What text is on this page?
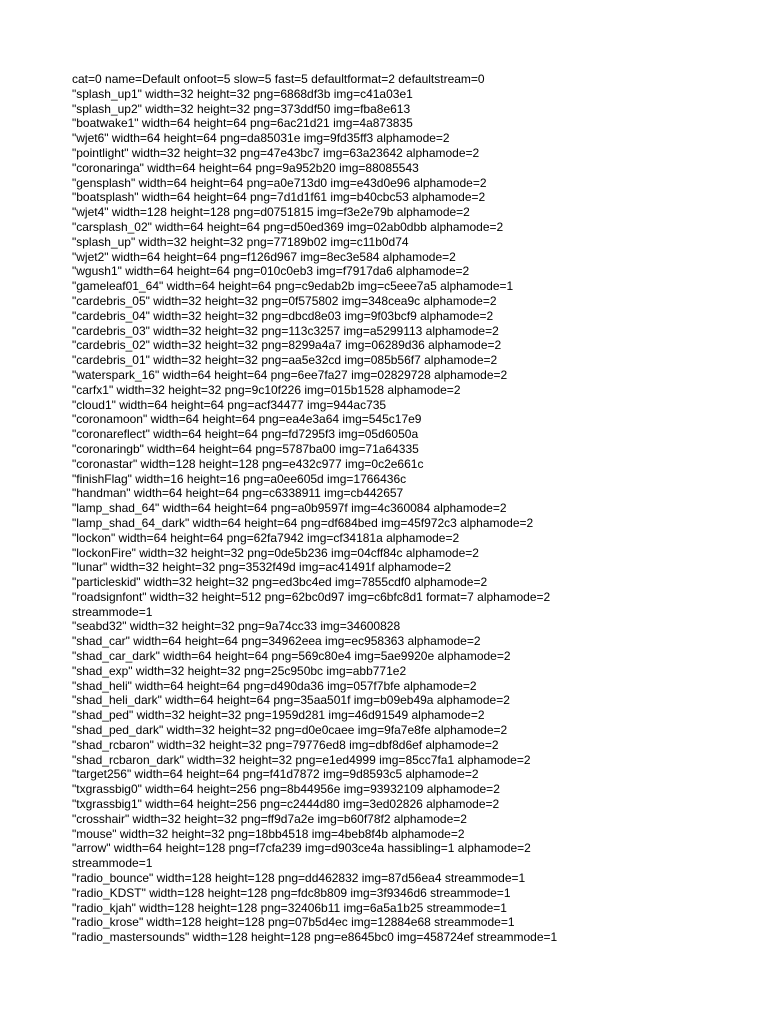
cat=0 name=Default onfoot=5 slow=5 fast=5 defaultformat=2 defaultstream=0
"splash_up1" width=32 height=32 png=6868df3b img=c41a03e1
"splash_up2" width=32 height=32 png=373ddf50 img=fba8e613
"boatwake1" width=64 height=64 png=6ac21d21 img=4a873835
"wjet6" width=64 height=64 png=da85031e img=9fd35ff3 alphamode=2
"pointlight" width=32 height=32 png=47e43bc7 img=63a23642 alphamode=2
"coronaringa" width=64 height=64 png=9a952b20 img=88085543
"gensplash" width=64 height=64 png=a0e713d0 img=e43d0e96 alphamode=2
"boatsplash" width=64 height=64 png=7d1d1f61 img=b40cbc53 alphamode=2
"wjet4" width=128 height=128 png=d0751815 img=f3e2e79b alphamode=2
"carsplash_02" width=64 height=64 png=d50ed369 img=02ab0dbb alphamode=2
"splash_up" width=32 height=32 png=77189b02 img=c11b0d74
"wjet2" width=64 height=64 png=f126d967 img=8ec3e584 alphamode=2
"wgush1" width=64 height=64 png=010c0eb3 img=f7917da6 alphamode=2
"gameleaf01_64" width=64 height=64 png=c9edab2b img=c5eee7a5 alphamode=1
"cardebris_05" width=32 height=32 png=0f575802 img=348cea9c alphamode=2
"cardebris_04" width=32 height=32 png=dbcd8e03 img=9f03bcf9 alphamode=2
"cardebris_03" width=32 height=32 png=113c3257 img=a5299113 alphamode=2
"cardebris_02" width=32 height=32 png=8299a4a7 img=06289d36 alphamode=2
"cardebris_01" width=32 height=32 png=aa5e32cd img=085b56f7 alphamode=2
"waterspark_16" width=64 height=64 png=6ee7fa27 img=02829728 alphamode=2
"carfx1" width=32 height=32 png=9c10f226 img=015b1528 alphamode=2
"cloud1" width=64 height=64 png=acf34477 img=944ac735
"coronamoon" width=64 height=64 png=ea4e3a64 img=545c17e9
"coronareflect" width=64 height=64 png=fd7295f3 img=05d6050a
"coronaringb" width=64 height=64 png=5787ba00 img=71a64335
"coronastar" width=128 height=128 png=e432c977 img=0c2e661c
"finishFlag" width=16 height=16 png=a0ee605d img=1766436c
"handman" width=64 height=64 png=c6338911 img=cb442657
"lamp_shad_64" width=64 height=64 png=a0b9597f img=4c360084 alphamode=2
"lamp_shad_64_dark" width=64 height=64 png=df684bed img=45f972c3 alphamode=2
"lockon" width=64 height=64 png=62fa7942 img=cf34181a alphamode=2
"lockonFire" width=32 height=32 png=0de5b236 img=04cff84c alphamode=2
"lunar" width=32 height=32 png=3532f49d img=ac41491f alphamode=2
"particleskid" width=32 height=32 png=ed3bc4ed img=7855cdf0 alphamode=2
"roadsignfont" width=32 height=512 png=62bc0d97 img=c6bfc8d1 format=7 alphamode=2
streammode=1
"seabd32" width=32 height=32 png=9a74cc33 img=34600828
"shad_car" width=64 height=64 png=34962eea img=ec958363 alphamode=2
"shad_car_dark" width=64 height=64 png=569c80e4 img=5ae9920e alphamode=2
"shad_exp" width=32 height=32 png=25c950bc img=abb771e2
"shad_heli" width=64 height=64 png=d490da36 img=057f7bfe alphamode=2
"shad_heli_dark" width=64 height=64 png=35aa501f img=b09eb49a alphamode=2
"shad_ped" width=32 height=32 png=1959d281 img=46d91549 alphamode=2
"shad_ped_dark" width=32 height=32 png=d0e0caee img=9fa7e8fe alphamode=2
"shad_rcbaron" width=32 height=32 png=79776ed8 img=dbf8d6ef alphamode=2
"shad_rcbaron_dark" width=32 height=32 png=e1ed4999 img=85cc7fa1 alphamode=2
"target256" width=64 height=64 png=f41d7872 img=9d8593c5 alphamode=2
"txgrassbig0" width=64 height=256 png=8b44956e img=93932109 alphamode=2
"txgrassbig1" width=64 height=256 png=c2444d80 img=3ed02826 alphamode=2
"crosshair" width=32 height=32 png=ff9d7a2e img=b60f78f2 alphamode=2
"mouse" width=32 height=32 png=18bb4518 img=4beb8f4b alphamode=2
"arrow" width=64 height=128 png=f7cfa239 img=d903ce4a hassibling=1 alphamode=2
streammode=1
"radio_bounce" width=128 height=128 png=dd462832 img=87d56ea4 streammode=1
"radio_KDST" width=128 height=128 png=fdc8b809 img=3f9346d6 streammode=1
"radio_kjah" width=128 height=128 png=32406b11 img=6a5a1b25 streammode=1
"radio_krose" width=128 height=128 png=07b5d4ec img=12884e68 streammode=1
"radio_mastersounds" width=128 height=128 png=e8645bc0 img=458724ef streammode=1
